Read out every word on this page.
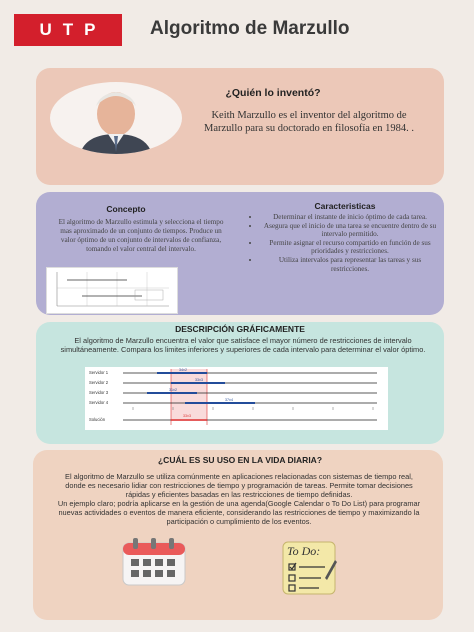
U T P	Algoritmo de Marzullo
¿Quién lo inventó?
Keith Marzullo es el inventor del algoritmo de Marzullo para su doctorado en filosofía en 1984. .
Concepto
El algoritmo de Marzullo estimula y selecciona el tiempo mas aproximado de un conjunto de tiempos. Produce un valor óptimo de un conjunto de intervalos de confianza, tomando el valor central del intervalo.
Caracteristicas
• Determinar el instante de inicio óptimo de cada tarea.
• Asegura que el inicio de una tarea se encuentre dentro de su intervalo permitido.
• Permite asignar el recurso compartido en función de sus prioridades y restricciones.
• Utiliza intervalos para representar las tareas y sus restricciones.
DESCRIPCIÓN GRÁFICAMENTE
El algoritmo de Marzullo encuentra el valor que satisface el mayor número de restricciones de intervalo simultáneamente. Compara los limites inferiores y superiores de cada intervalo para determinar el valor óptimo.
Servidor 1
Servidor 2
Servidor 3
Servidor 4
Solución
34±2
33±3
31±2
37±4
33±3
¿CUÁL ES SU USO EN LA VIDA DIARIA?
El algoritmo de Marzullo se utiliza comúnmente en aplicaciones relacionadas con sistemas de tiempo real, donde es necesario lidiar con restricciones de tiempo y programación de tareas. Permite tomar decisiones rápidas y eficientes basadas en las restricciones de tiempo definidas.
Un ejemplo claro; podría aplicarse en la gestión de una agenda(Google Calendar o To Do List) para programar nuevas actividades o eventos de manera eficiente, considerando las restricciones de tiempo y maximizando la participación o cumplimiento de los eventos.
To Do:
